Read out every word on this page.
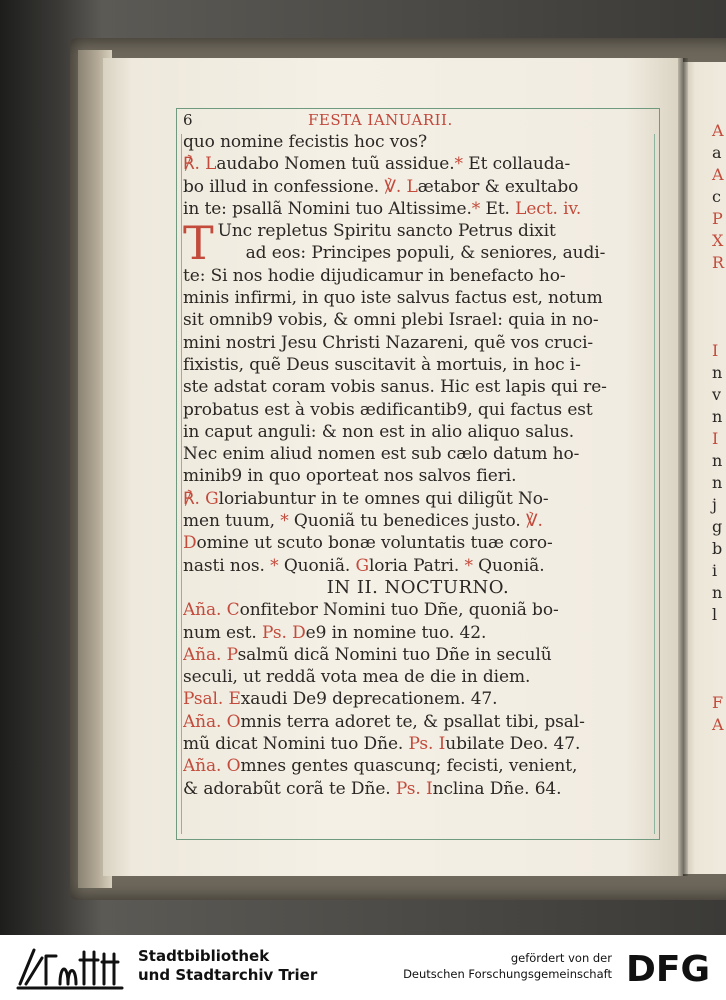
6	FESTA IANUARII.
quo nomine fecistis hoc vos?
℟. Laudabo Nomen tuũ assidue.* Et collauda-
bo illud in confessione. ℣. Lætabor & exultabo
in te: psallã Nomini tuo Altissime.* Et. Lect. iv.
T Unc repletus Spiritu sancto Petrus dixit
ad eos: Principes populi, & seniores, audi-
te: Si nos hodie dijudicamur in benefacto ho-
minis infirmi, in quo iste salvus factus est, notum
sit omnib9 vobis, & omni plebi Israel: quia in no-
mini nostri Jesu Christi Nazareni, quẽ vos cruci-
fixistis, quẽ Deus suscitavit à mortuis, in hoc i-
ste adstat coram vobis sanus. Hic est lapis qui re-
probatus est à vobis ædificantib9, qui factus est
in caput anguli: & non est in alio aliquo salus.
Nec enim aliud nomen est sub cælo datum ho-
minib9 in quo oporteat nos salvos fieri.
℟. Gloriabuntur in te omnes qui diligũt No-
men tuum, * Quoniã tu benedices justo. ℣.
Domine ut scuto bonæ voluntatis tuæ coro-
nasti nos. * Quoniã. Gloria Patri. * Quoniã.
IN II. NOCTURNO.
Aña. Confitebor Nomini tuo Dñe, quoniã bo-
num est. Ps. De9 in nomine tuo. 42.
Aña. Psalmũ dicã Nomini tuo Dñe in seculũ
seculi, ut reddã vota mea de die in diem.
Psal. Exaudi De9 deprecationem. 47.
Aña. Omnis terra adoret te, & psallat tibi, psal-
mũ dicat Nomini tuo Dñe. Ps. Iubilate Deo. 47.
Aña. Omnes gentes quascunq; fecisti, venient,
& adorabũt corã te Dñe. Ps. Inclina Dñe. 64.
A
a
A
c
P
X
R
I
n
v
n
I
n
n
j
g
b
i
n
l
F
A
Stadtbibliothek
und Stadtarchiv Trier
gefördert von der
Deutschen Forschungsgemeinschaft DFG
